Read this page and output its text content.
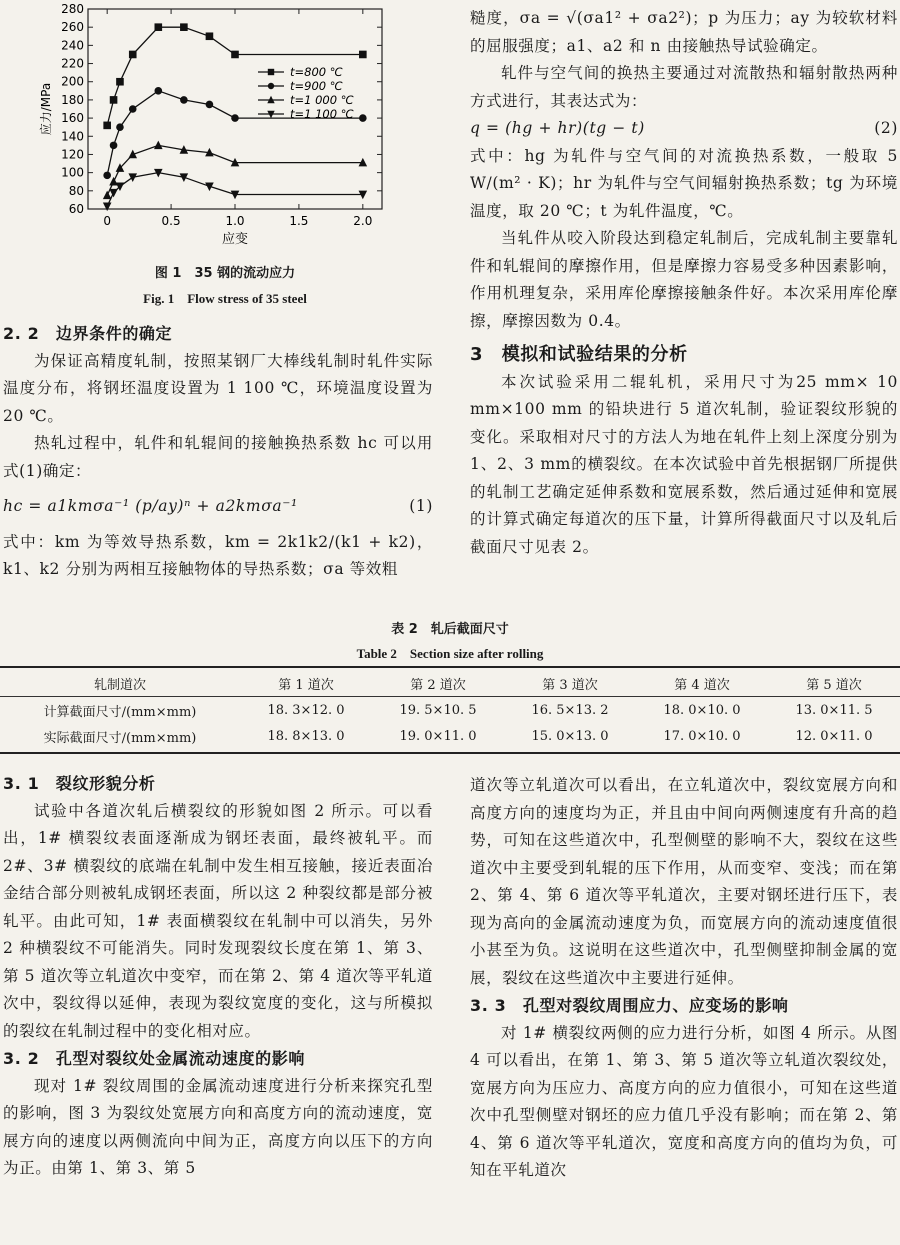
60
80
100
120
140
160
180
200
220
240
260
280
0	0.5	1.0	1.5	2.0
应变
应力/MPa
t=800 ℃
t=900 ℃
t=1 000 ℃
t=1 100 ℃
图 1　35 钢的流动应力
Fig. 1　Flow stress of 35 steel

2. 2　边界条件的确定

为保证高精度轧制，按照某钢厂大棒线轧制时轧件实际温度分布，将钢坯温度设置为 1 100 ℃，环境温度设置为 20 ℃。

热轧过程中，轧件和轧辊间的接触换热系数 hc 可以用式(1)确定：

hc = a1kmσa⁻¹ (p/ay)ⁿ + a2kmσa⁻¹	(1)

式中：km 为等效导热系数，km = 2k1k2/(k1 + k2)，k1、k2 分别为两相互接触物体的导热系数；σa 等效粗

糙度，σa = √(σa1² + σa2²)；p 为压力；ay 为较软材料的屈服强度；a1、a2 和 n 由接触热导试验确定。

轧件与空气间的换热主要通过对流散热和辐射散热两种方式进行，其表达式为：

q = (hg + hr)(tg − t)	(2)

式中：hg 为轧件与空气间的对流换热系数，一般取 5 W/(m² · K)；hr 为轧件与空气间辐射换热系数；tg 为环境温度，取 20 ℃；t 为轧件温度，℃。

当轧件从咬入阶段达到稳定轧制后，完成轧制主要靠轧件和轧辊间的摩擦作用，但是摩擦力容易受多种因素影响，作用机理复杂，采用库伦摩擦接触条件好。本次采用库伦摩擦，摩擦因数为 0.4。

3　模拟和试验结果的分析

本次试验采用二辊轧机，采用尺寸为25 mm× 10 mm×100 mm 的铅块进行 5 道次轧制，验证裂纹形貌的变化。采取相对尺寸的方法人为地在轧件上刻上深度分别为 1、2、3 mm的横裂纹。在本次试验中首先根据钢厂所提供的轧制工艺确定延伸系数和宽展系数，然后通过延伸和宽展的计算式确定每道次的压下量，计算所得截面尺寸以及轧后截面尺寸见表 2。

表 2　轧后截面尺寸
Table 2　Section size after rolling
轧制道次	第 1 道次	第 2 道次	第 3 道次	第 4 道次	第 5 道次
计算截面尺寸/(mm×mm)	18. 3×12. 0	19. 5×10. 5	16. 5×13. 2	18. 0×10. 0	13. 0×11. 5
实际截面尺寸/(mm×mm)	18. 8×13. 0	19. 0×11. 0	15. 0×13. 0	17. 0×10. 0	12. 0×11. 0

3. 1　裂纹形貌分析

试验中各道次轧后横裂纹的形貌如图 2 所示。可以看出，1# 横裂纹表面逐渐成为钢坯表面，最终被轧平。而 2#、3# 横裂纹的底端在轧制中发生相互接触，接近表面冶金结合部分则被轧成钢坯表面，所以这 2 种裂纹都是部分被轧平。由此可知，1# 表面横裂纹在轧制中可以消失，另外 2 种横裂纹不可能消失。同时发现裂纹长度在第 1、第 3、第 5 道次等立轧道次中变窄，而在第 2、第 4 道次等平轧道次中，裂纹得以延伸，表现为裂纹宽度的变化，这与所模拟的裂纹在轧制过程中的变化相对应。

3. 2　孔型对裂纹处金属流动速度的影响

现对 1# 裂纹周围的金属流动速度进行分析来探究孔型的影响，图 3 为裂纹处宽展方向和高度方向的流动速度，宽展方向的速度以两侧流向中间为正，高度方向以压下的方向为正。由第 1、第 3、第 5

道次等立轧道次可以看出，在立轧道次中，裂纹宽展方向和高度方向的速度均为正，并且由中间向两侧速度有升高的趋势，可知在这些道次中，孔型侧壁的影响不大，裂纹在这些道次中主要受到轧辊的压下作用，从而变窄、变浅；而在第 2、第 4、第 6 道次等平轧道次，主要对钢坯进行压下，表现为高向的金属流动速度为负，而宽展方向的流动速度值很小甚至为负。这说明在这些道次中，孔型侧壁抑制金属的宽展，裂纹在这些道次中主要进行延伸。

3. 3　孔型对裂纹周围应力、应变场的影响

对 1# 横裂纹两侧的应力进行分析，如图 4 所示。从图 4 可以看出，在第 1、第 3、第 5 道次等立轧道次裂纹处，宽展方向为压应力、高度方向的应力值很小，可知在这些道次中孔型侧壁对钢坯的应力值几乎没有影响；而在第 2、第 4、第 6 道次等平轧道次，宽度和高度方向的值均为负，可知在平轧道次
